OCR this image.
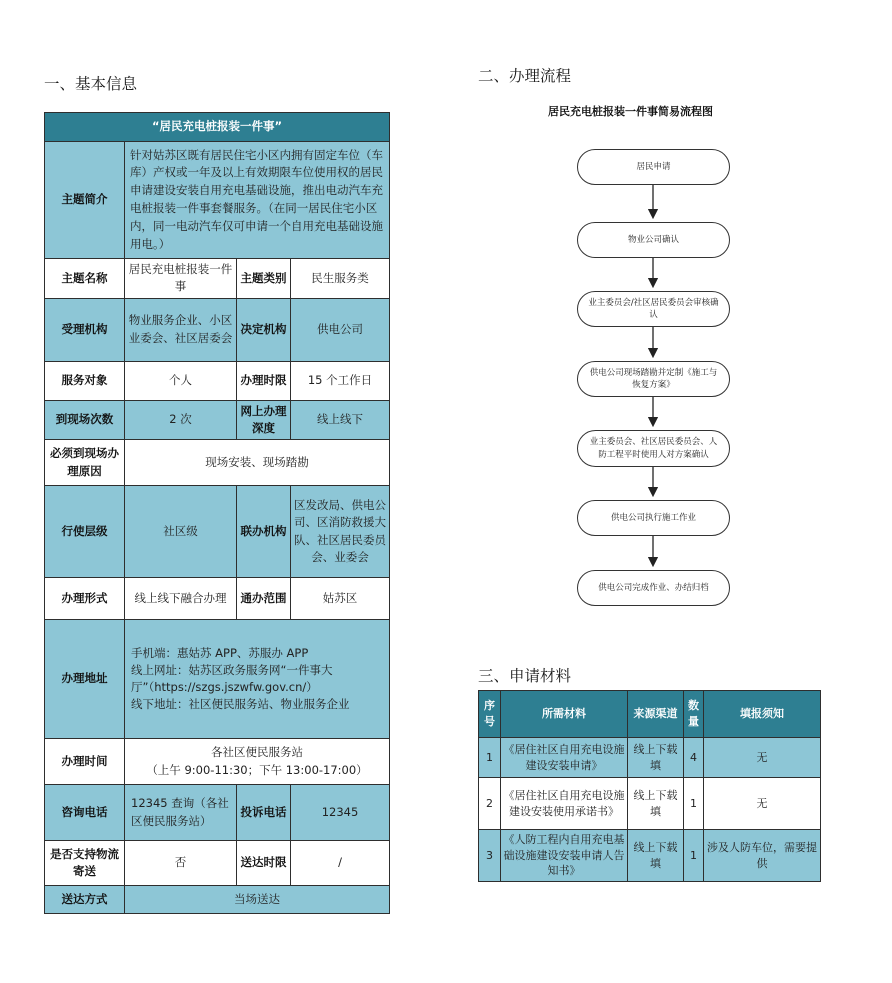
一、基本信息	二、办理流程
三、申请材料
“居民充电桩报装一件事”			
主题简介	针对姑苏区既有居民住宅小区内拥有固定车位（车库）产权或一年及以上有效期限车位使用权的居民申请建设安装自用充电基础设施，推出电动汽车充电桩报装一件事套餐服务。（在同一居民住宅小区内，同一电动汽车仅可申请一个自用充电基础设施用电。）		
主题名称	居民充电桩报装一件事	主题类别	民生服务类
受理机构	物业服务企业、小区业委会、社区居委会	决定机构	供电公司
服务对象	个人	办理时限	15 个工作日
到现场次数	2 次	网上办理深度	线上线下
必须到现场办理原因	现场安装、现场踏勘		
行使层级	社区级	联办机构	区发改局、供电公司、区消防救援大队、社区居民委员会、业委会
办理形式	线上线下融合办理	通办范围	姑苏区
办理地址	手机端：惠姑苏 APP、苏服办 APP
线上网址：姑苏区政务服务网“一件事大厅”（https://szgs.jszwfw.gov.cn/）
线下地址：社区便民服务站、物业服务企业		

办理时间	各社区便民服务站
（上午 9:00-11:30；下午 13:00-17:00）		

咨询电话	12345 查询（各社区便民服务站）	投诉电话	12345
是否支持物流寄送	否	送达时限	/
送达方式	当场送达		
居民充电桩报装一件事简易流程图
居民申请
物业公司确认
业主委员会/社区居民委员会审核确认
供电公司现场踏勘并定制《施工与恢复方案》
业主委员会、社区居民委员会、人防工程平时使用人对方案确认
供电公司执行施工作业
供电公司完成作业、办结归档
序号	所需材料	来源渠道	数量	填报须知
1	《居住社区自用充电设施建设安装申请》	线上下载填	4	无
2	《居住社区自用充电设施建设安装使用承诺书》	线上下载填	1	无
3	《人防工程内自用充电基础设施建设安装申请人告知书》	线上下载填	1	涉及人防车位，需要提供
